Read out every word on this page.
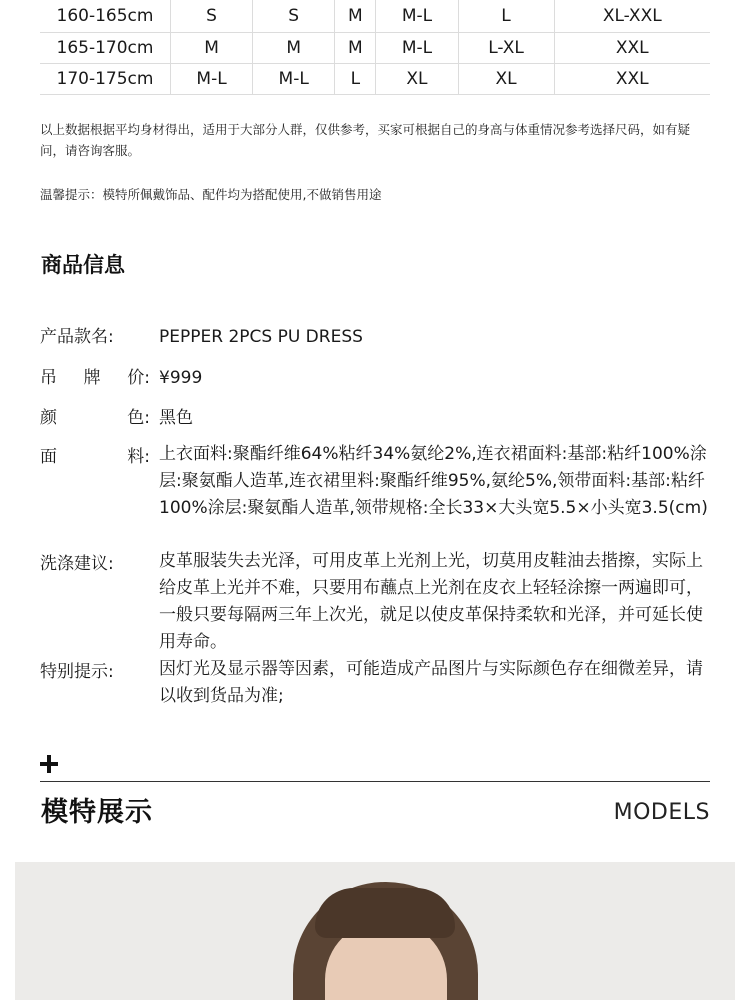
160-165cm	S	S	M	M-L	L	XL-XXL
165-170cm	M	M	M	M-L	L-XL	XXL
170-175cm	M-L	M-L	L	XL	XL	XXL
以上数据根据平均身材得出，适用于大部分人群，仅供参考，买家可根据自己的身高与体重情况参考选择尺码，如有疑问，请咨询客服。
温馨提示：模特所佩戴饰品、配件均为搭配使用,不做销售用途
商品信息
产品款名:	PEPPER 2PCS PU DRESS
吊 牌 价: ¥999
颜	色: 黑色
面	料: 上衣面料:聚酯纤维64%粘纤34%氨纶2%,连衣裙面料:基部:粘纤100%涂层:聚氨酯人造革,连衣裙里料:聚酯纤维95%,氨纶5%,领带面料:基部:粘纤100%涂层:聚氨酯人造革,领带规格:全长33×大头宽5.5×小头宽3.5(cm)
洗涤建议:	皮革服装失去光泽，可用皮革上光剂上光，切莫用皮鞋油去揩擦，实际上给皮革上光并不难，只要用布蘸点上光剂在皮衣上轻轻涂擦一两遍即可，一般只要每隔两三年上次光，就足以使皮革保持柔软和光泽，并可延长使用寿命。
特别提示:	因灯光及显示器等因素，可能造成产品图片与实际颜色存在细微差异，请以收到货品为准;
模特展示	MODELS
